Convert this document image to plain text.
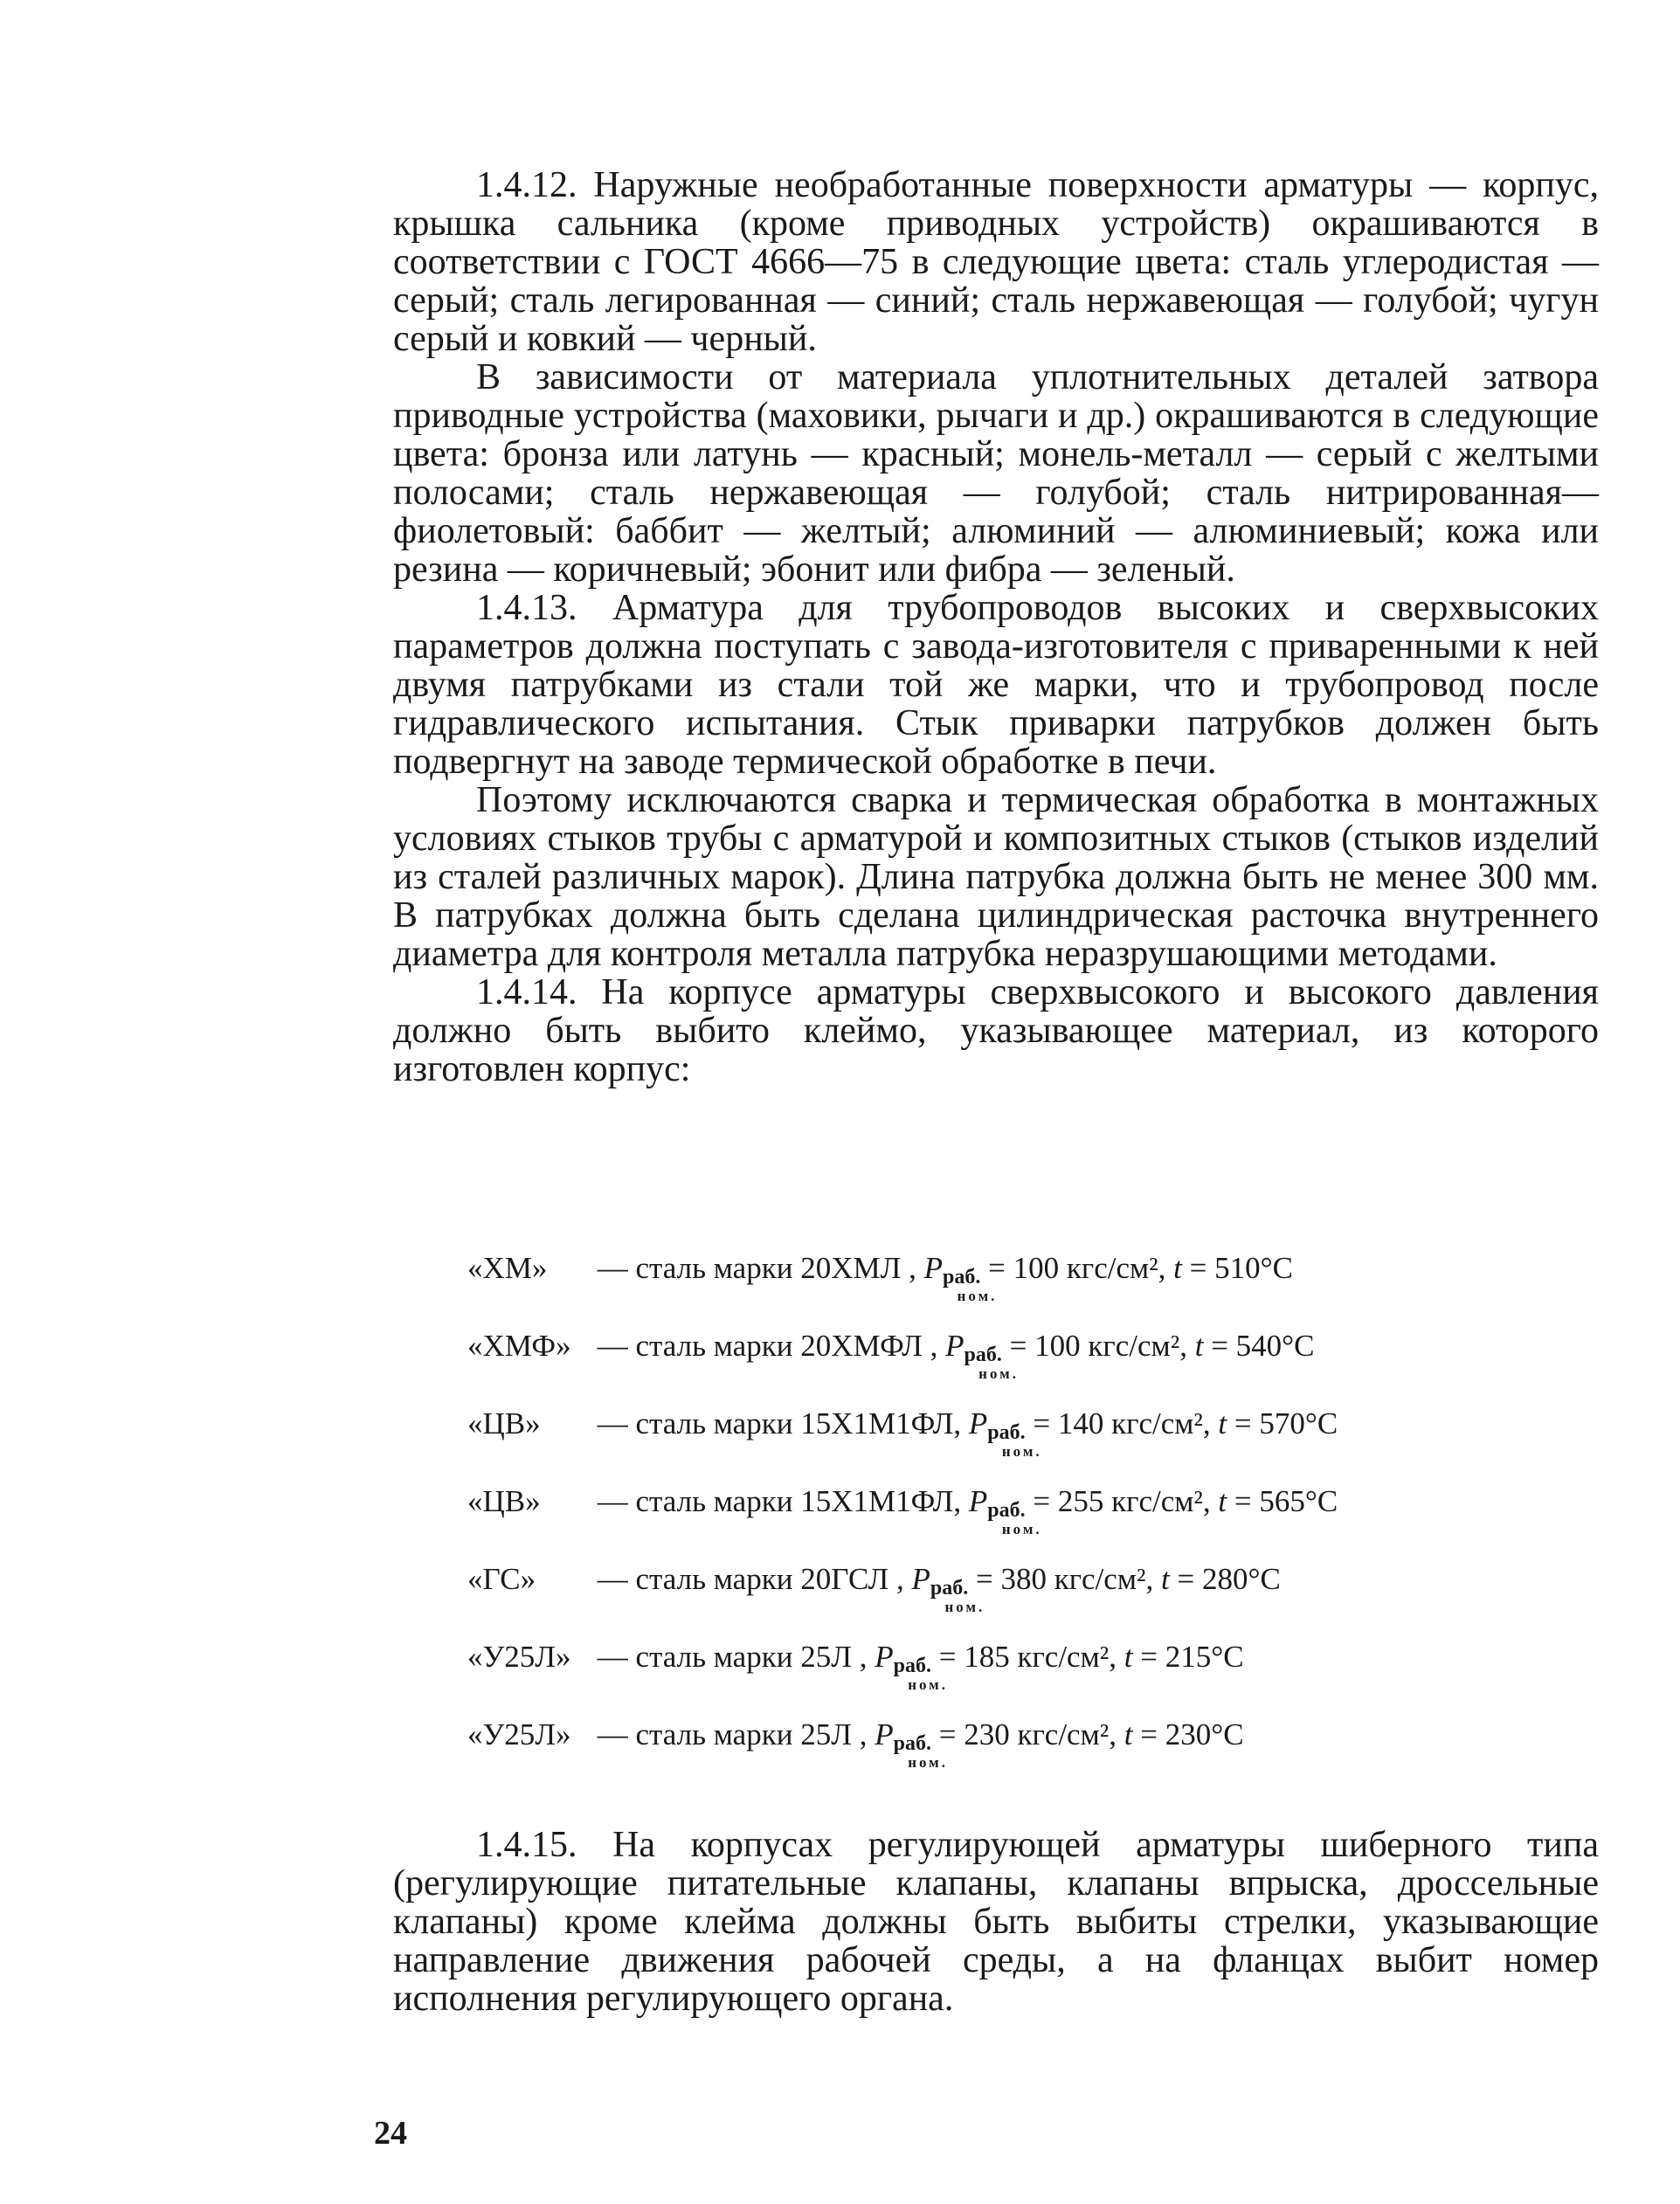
1.4.12. Наружные необработанные поверхности арматуры — корпус, крышка сальника (кроме приводных устройств) окрашиваются в соответствии с ГОСТ 4666—75 в следующие цвета: сталь углеродистая — серый; сталь легированная — синий; сталь нержавеющая — голубой; чугун серый и ковкий — черный.

В зависимости от материала уплотнительных деталей затвора приводные устройства (маховики, рычаги и др.) окрашиваются в следующие цвета: бронза или латунь — красный; монель-металл — серый с желтыми полосами; сталь нержавеющая — голубой; сталь нитрированная—фиолетовый: баббит — желтый; алюминий — алюминиевый; кожа или резина — коричневый; эбонит или фибра — зеленый.

1.4.13. Арматура для трубопроводов высоких и сверхвысоких параметров должна поступать с завода-изготовителя с приваренными к ней двумя патрубками из стали той же марки, что и трубопровод после гидравлического испытания. Стык приварки патрубков должен быть подвергнут на заводе термической обработке в печи.

Поэтому исключаются сварка и термическая обработка в монтажных условиях стыков трубы с арматурой и композитных стыков (стыков изделий из сталей различных марок). Длина патрубка должна быть не менее 300 мм. В патрубках должна быть сделана цилиндрическая расточка внутреннего диаметра для контроля металла патрубка неразрушающими методами.

1.4.14. На корпусе арматуры сверхвысокого и высокого давления должно быть выбито клеймо, указывающее материал, из которого изготовлен корпус:

«ХМ» — сталь марки 20ХМЛ , Pраб.
ном.
= 100 кгс/см², t = 510°С
«ХМФ» — сталь марки 20ХМФЛ , Pраб.
ном.
= 100 кгс/см², t = 540°С
«ЦВ» — сталь марки 15Х1М1ФЛ, Pраб.
ном.
= 140 кгс/см², t = 570°С
«ЦВ» — сталь марки 15Х1М1ФЛ, Pраб.
ном.
= 255 кгс/см², t = 565°С
«ГС» — сталь марки 20ГСЛ , Pраб.
ном.
= 380 кгс/см², t = 280°С
«У25Л» — сталь марки 25Л , Pраб.
ном.
= 185 кгс/см², t = 215°С
«У25Л» — сталь марки 25Л , Pраб.
ном.
= 230 кгс/см², t = 230°С

1.4.15. На корпусах регулирующей арматуры шиберного типа (регулирующие питательные клапаны, клапаны впрыска, дроссельные клапаны) кроме клейма должны быть выбиты стрелки, указывающие направление движения рабочей среды, а на фланцах выбит номер исполнения регулирующего органа.

24
